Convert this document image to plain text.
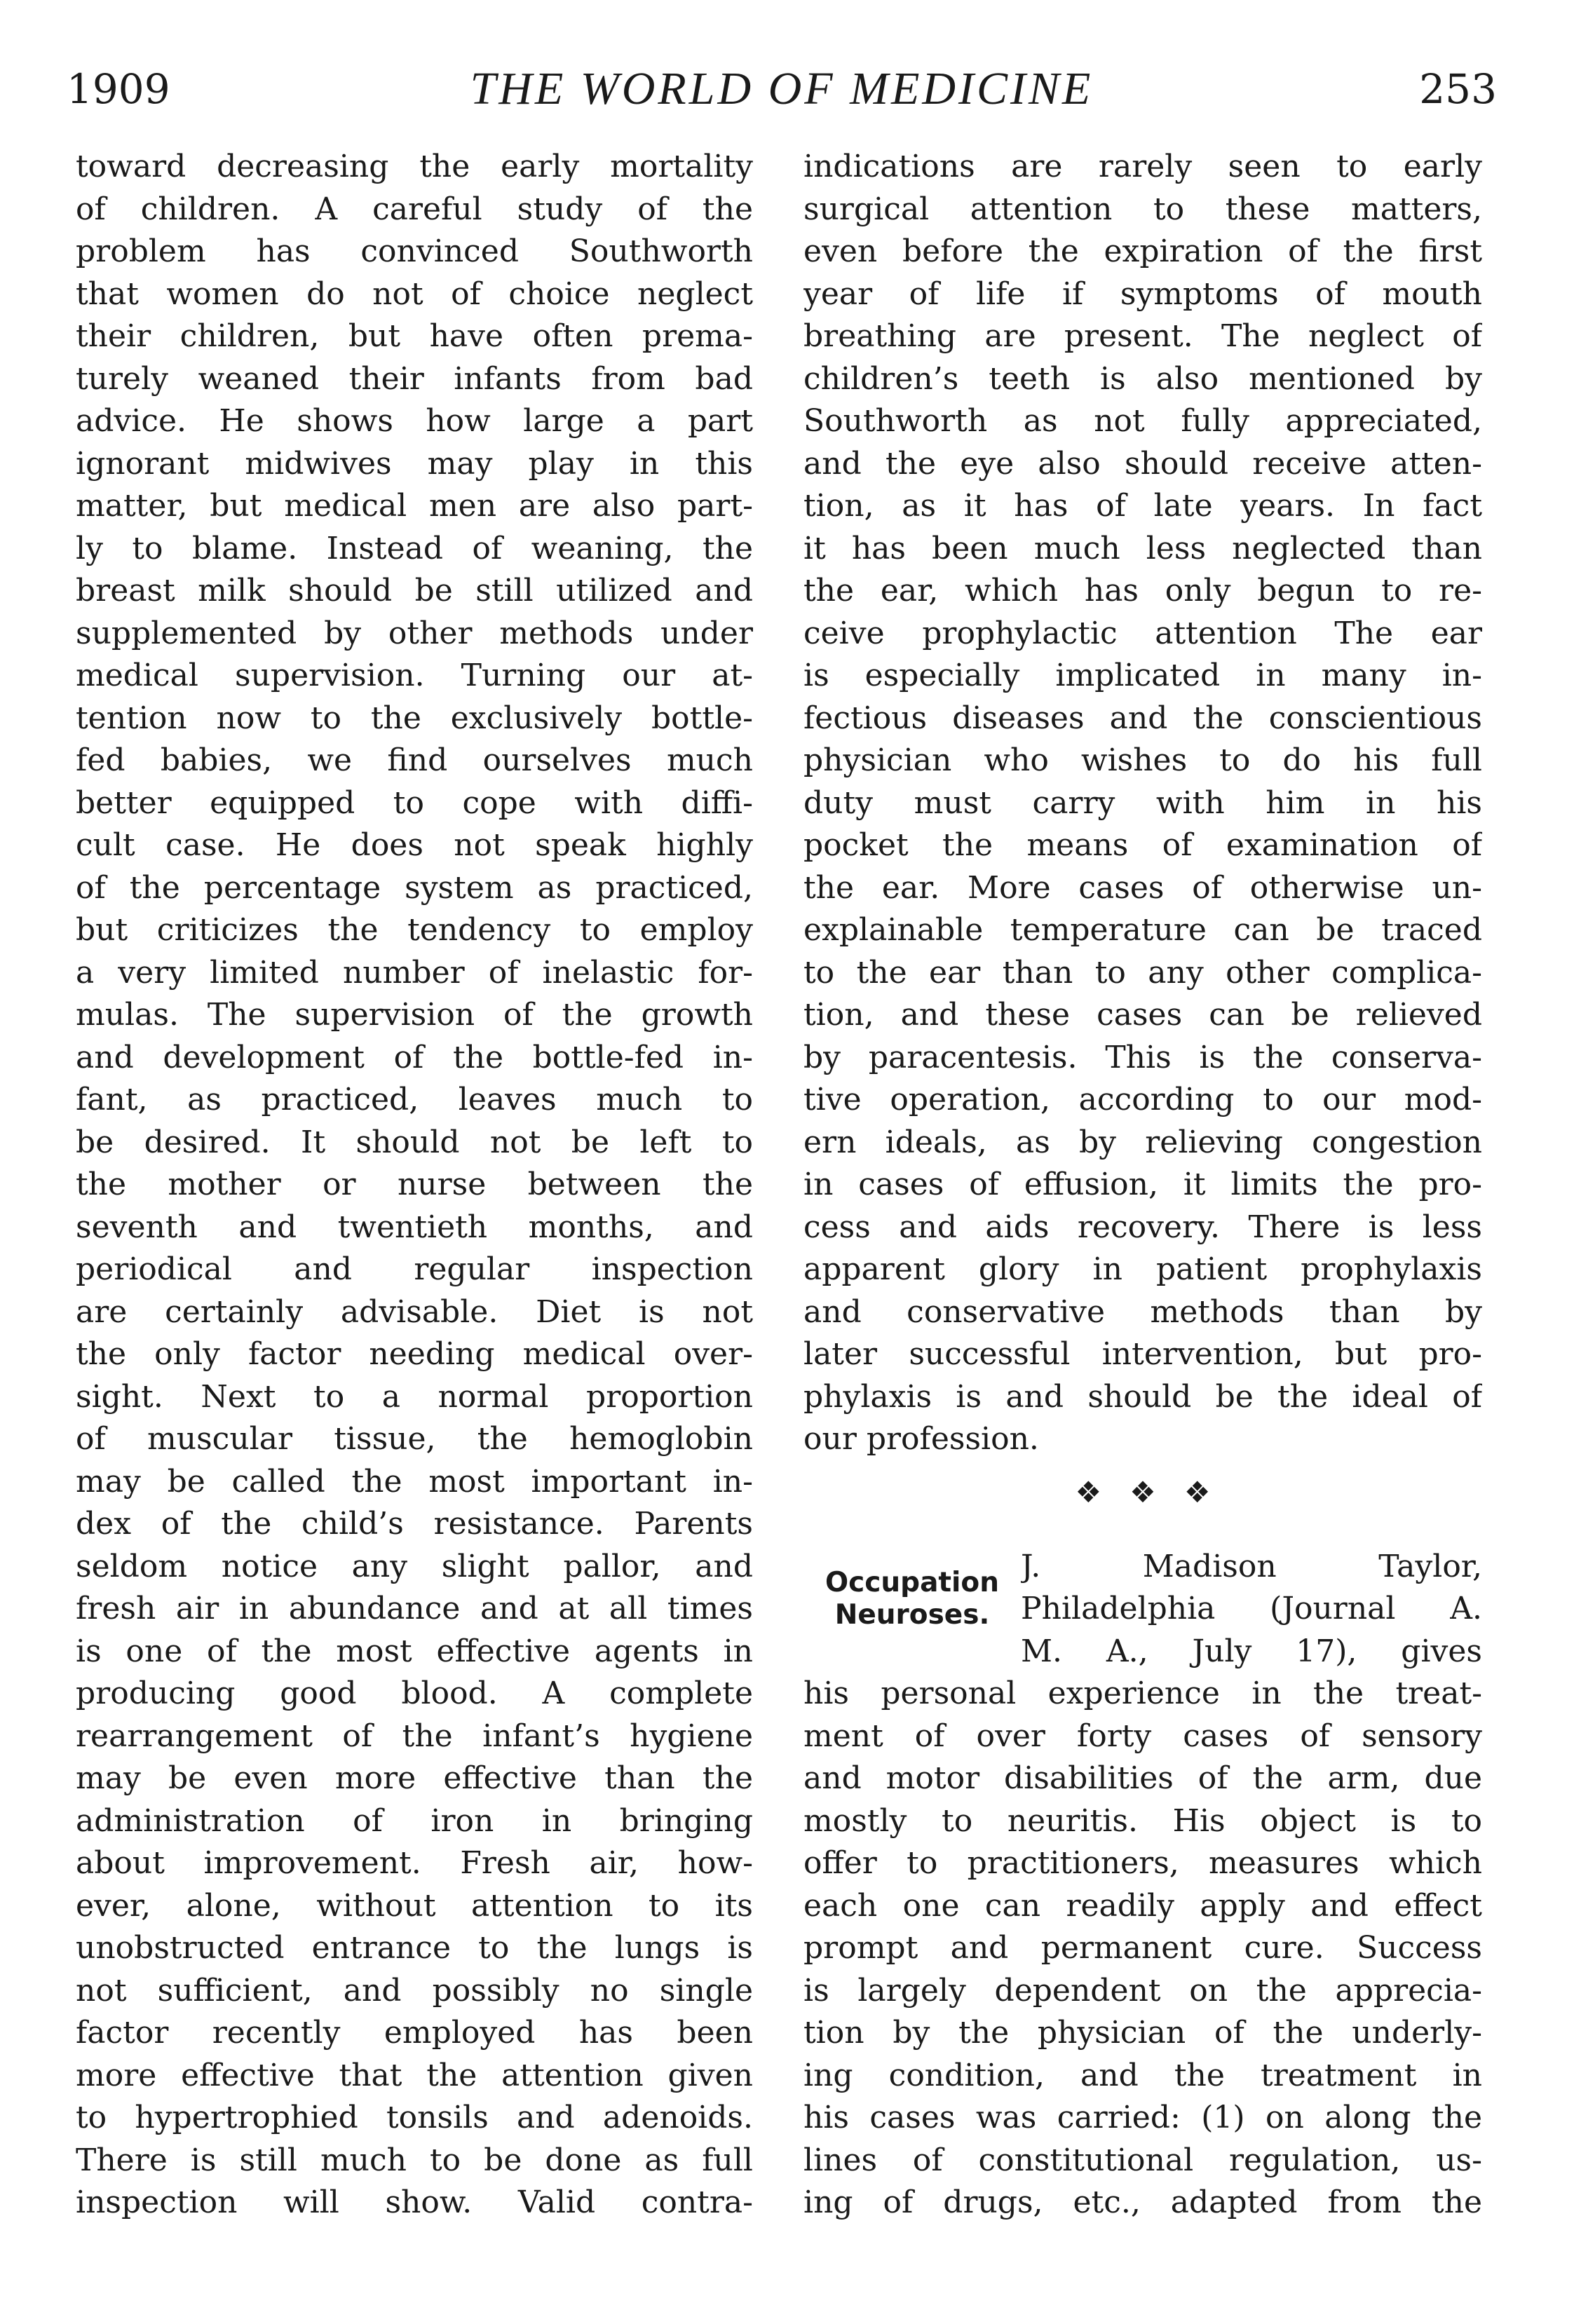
1909	THE WORLD OF MEDICINE	253
toward decreasing the early mortality
of children. A careful study of the
problem has convinced Southworth
that women do not of choice neglect
their children, but have often prema-
turely weaned their infants from bad
advice. He shows how large a part
ignorant midwives may play in this
matter, but medical men are also part-
ly to blame. Instead of weaning, the
breast milk should be still utilized and
supplemented by other methods under
medical supervision. Turning our at-
tention now to the exclusively bottle-
fed babies, we find ourselves much
better equipped to cope with diffi-
cult case. He does not speak highly
of the percentage system as practiced,
but criticizes the tendency to employ
a very limited number of inelastic for-
mulas. The supervision of the growth
and development of the bottle-fed in-
fant, as practiced, leaves much to
be desired. It should not be left to
the mother or nurse between the
seventh and twentieth months, and
periodical and regular inspection
are certainly advisable. Diet is not
the only factor needing medical over-
sight. Next to a normal proportion
of muscular tissue, the hemoglobin
may be called the most important in-
dex of the child’s resistance. Parents
seldom notice any slight pallor, and
fresh air in abundance and at all times
is one of the most effective agents in
producing good blood. A complete
rearrangement of the infant’s hygiene
may be even more effective than the
administration of iron in bringing
about improvement. Fresh air, how-
ever, alone, without attention to its
unobstructed entrance to the lungs is
not sufficient, and possibly no single
factor recently employed has been
more effective that the attention given
to hypertrophied tonsils and adenoids.
There is still much to be done as full
inspection will show. Valid contra-
indications are rarely seen to early
surgical attention to these matters,
even before the expiration of the first
year of life if symptoms of mouth
breathing are present. The neglect of
children’s teeth is also mentioned by
Southworth as not fully appreciated,
and the eye also should receive atten-
tion, as it has of late years. In fact
it has been much less neglected than
the ear, which has only begun to re-
ceive prophylactic attention The ear
is especially implicated in many in-
fectious diseases and the conscientious
physician who wishes to do his full
duty must carry with him in his
pocket the means of examination of
the ear. More cases of otherwise un-
explainable temperature can be traced
to the ear than to any other complica-
tion, and these cases can be relieved
by paracentesis. This is the conserva-
tive operation, according to our mod-
ern ideals, as by relieving congestion
in cases of effusion, it limits the pro-
cess and aids recovery. There is less
apparent glory in patient prophylaxis
and conservative methods than by
later successful intervention, but pro-
phylaxis is and should be the ideal of
our profession.
❖❖❖
Occupation
Neuroses.
J. Madison Taylor,
Philadelphia (Journal A.
M. A., July 17), gives
his personal experience in the treat-
ment of over forty cases of sensory
and motor disabilities of the arm, due
mostly to neuritis. His object is to
offer to practitioners, measures which
each one can readily apply and effect
prompt and permanent cure. Success
is largely dependent on the apprecia-
tion by the physician of the underly-
ing condition, and the treatment in
his cases was carried: (1) on along the
lines of constitutional regulation, us-
ing of drugs, etc., adapted from the
